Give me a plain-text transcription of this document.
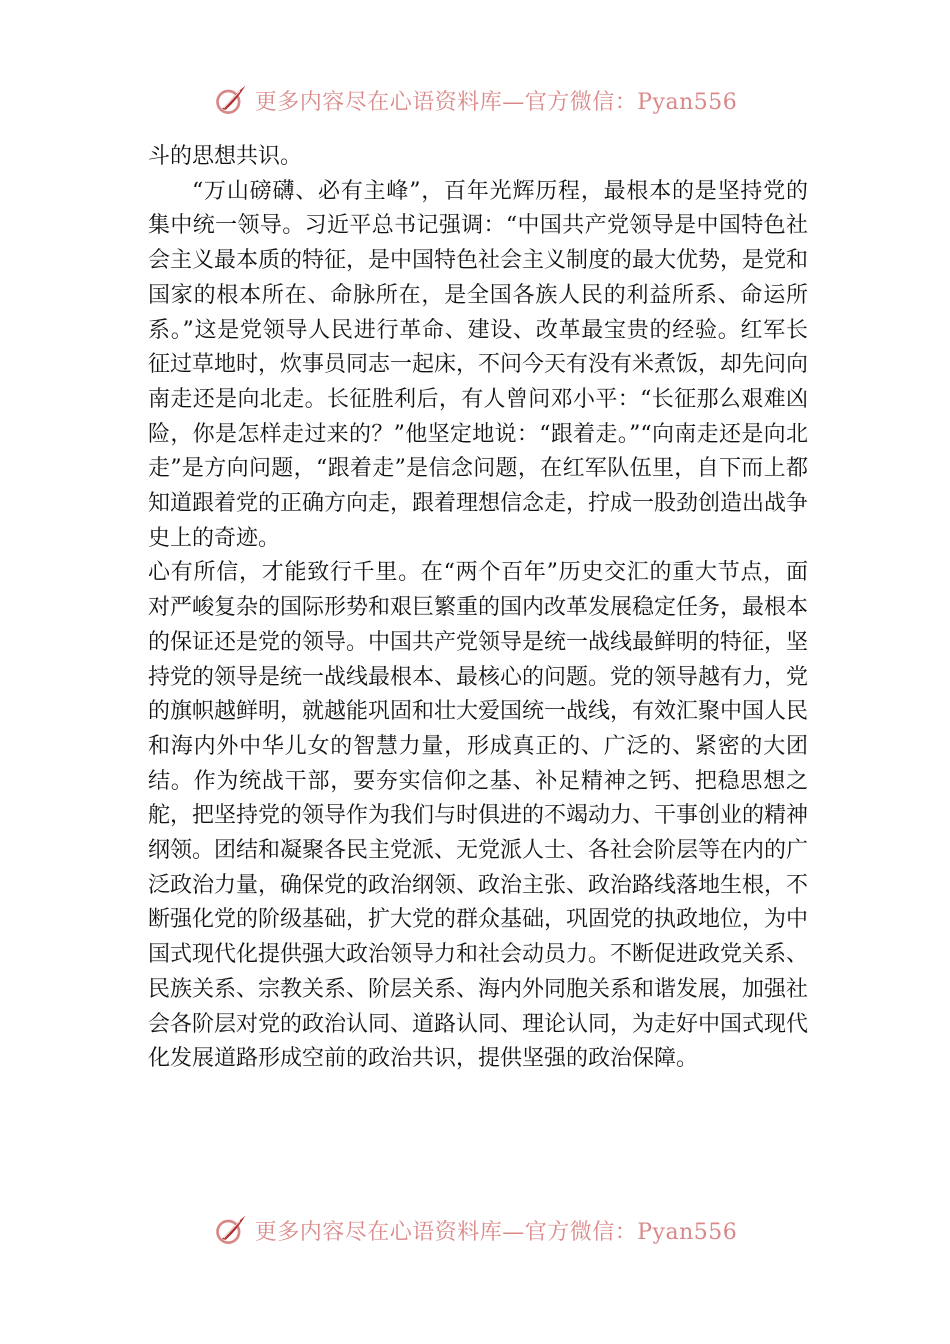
更多内容尽在心语资料库—官方微信：Pyan556

斗的思想共识。

“万山磅礴、必有主峰”，百年光辉历程，最根本的是坚持党的集中统一领导。习近平总书记强调：“中国共产党领导是中国特色社会主义最本质的特征，是中国特色社会主义制度的最大优势，是党和国家的根本所在、命脉所在，是全国各族人民的利益所系、命运所系。”这是党领导人民进行革命、建设、改革最宝贵的经验。红军长征过草地时，炊事员同志一起床，不问今天有没有米煮饭，却先问向南走还是向北走。长征胜利后，有人曾问邓小平：“长征那么艰难凶险，你是怎样走过来的？”他坚定地说：“跟着走。”“向南走还是向北走”是方向问题，“跟着走”是信念问题，在红军队伍里，自下而上都知道跟着党的正确方向走，跟着理想信念走，拧成一股劲创造出战争史上的奇迹。

心有所信，才能致行千里。在“两个百年”历史交汇的重大节点，面对严峻复杂的国际形势和艰巨繁重的国内改革发展稳定任务，最根本的保证还是党的领导。中国共产党领导是统一战线最鲜明的特征，坚持党的领导是统一战线最根本、最核心的问题。党的领导越有力，党的旗帜越鲜明，就越能巩固和壮大爱国统一战线，有效汇聚中国人民和海内外中华儿女的智慧力量，形成真正的、广泛的、紧密的大团结。作为统战干部，要夯实信仰之基、补足精神之钙、把稳思想之舵，把坚持党的领导作为我们与时俱进的不竭动力、干事创业的精神纲领。团结和凝聚各民主党派、无党派人士、各社会阶层等在内的广泛政治力量，确保党的政治纲领、政治主张、政治路线落地生根，不断强化党的阶级基础，扩大党的群众基础，巩固党的执政地位，为中国式现代化提供强大政治领导力和社会动员力。不断促进政党关系、民族关系、宗教关系、阶层关系、海内外同胞关系和谐发展，加强社会各阶层对党的政治认同、道路认同、理论认同，为走好中国式现代化发展道路形成空前的政治共识，提供坚强的政治保障。

更多内容尽在心语资料库—官方微信：Pyan556
